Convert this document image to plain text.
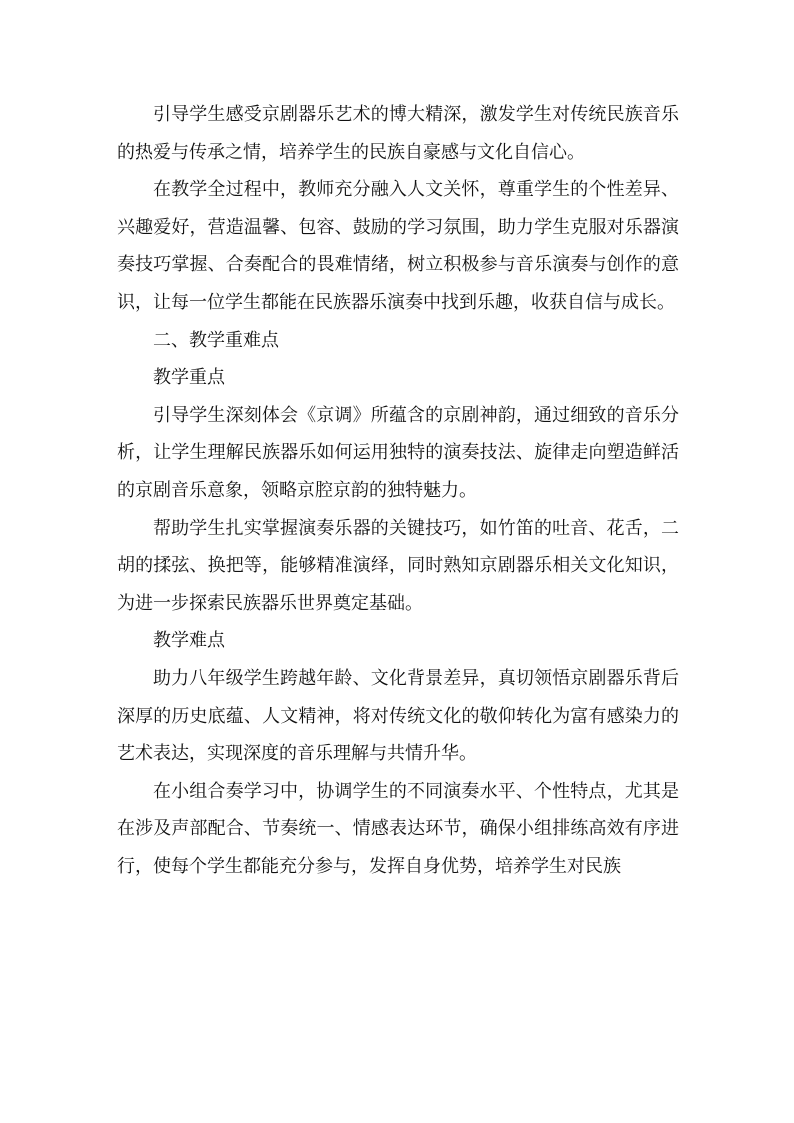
引导学生感受京剧器乐艺术的博大精深，激发学生对传统民族音乐的热爱与传承之情，培养学生的民族自豪感与文化自信心。

在教学全过程中，教师充分融入人文关怀，尊重学生的个性差异、兴趣爱好，营造温馨、包容、鼓励的学习氛围，助力学生克服对乐器演奏技巧掌握、合奏配合的畏难情绪，树立积极参与音乐演奏与创作的意识，让每一位学生都能在民族器乐演奏中找到乐趣，收获自信与成长。

二、教学重难点

教学重点

引导学生深刻体会《京调》所蕴含的京剧神韵，通过细致的音乐分析，让学生理解民族器乐如何运用独特的演奏技法、旋律走向塑造鲜活的京剧音乐意象，领略京腔京韵的独特魅力。

帮助学生扎实掌握演奏乐器的关键技巧，如竹笛的吐音、花舌，二胡的揉弦、换把等，能够精准演绎，同时熟知京剧器乐相关文化知识，为进一步探索民族器乐世界奠定基础。

教学难点

助力八年级学生跨越年龄、文化背景差异，真切领悟京剧器乐背后深厚的历史底蕴、人文精神，将对传统文化的敬仰转化为富有感染力的艺术表达，实现深度的音乐理解与共情升华。

在小组合奏学习中，协调学生的不同演奏水平、个性特点，尤其是在涉及声部配合、节奏统一、情感表达环节，确保小组排练高效有序进行，使每个学生都能充分参与，发挥自身优势，培养学生对民族
